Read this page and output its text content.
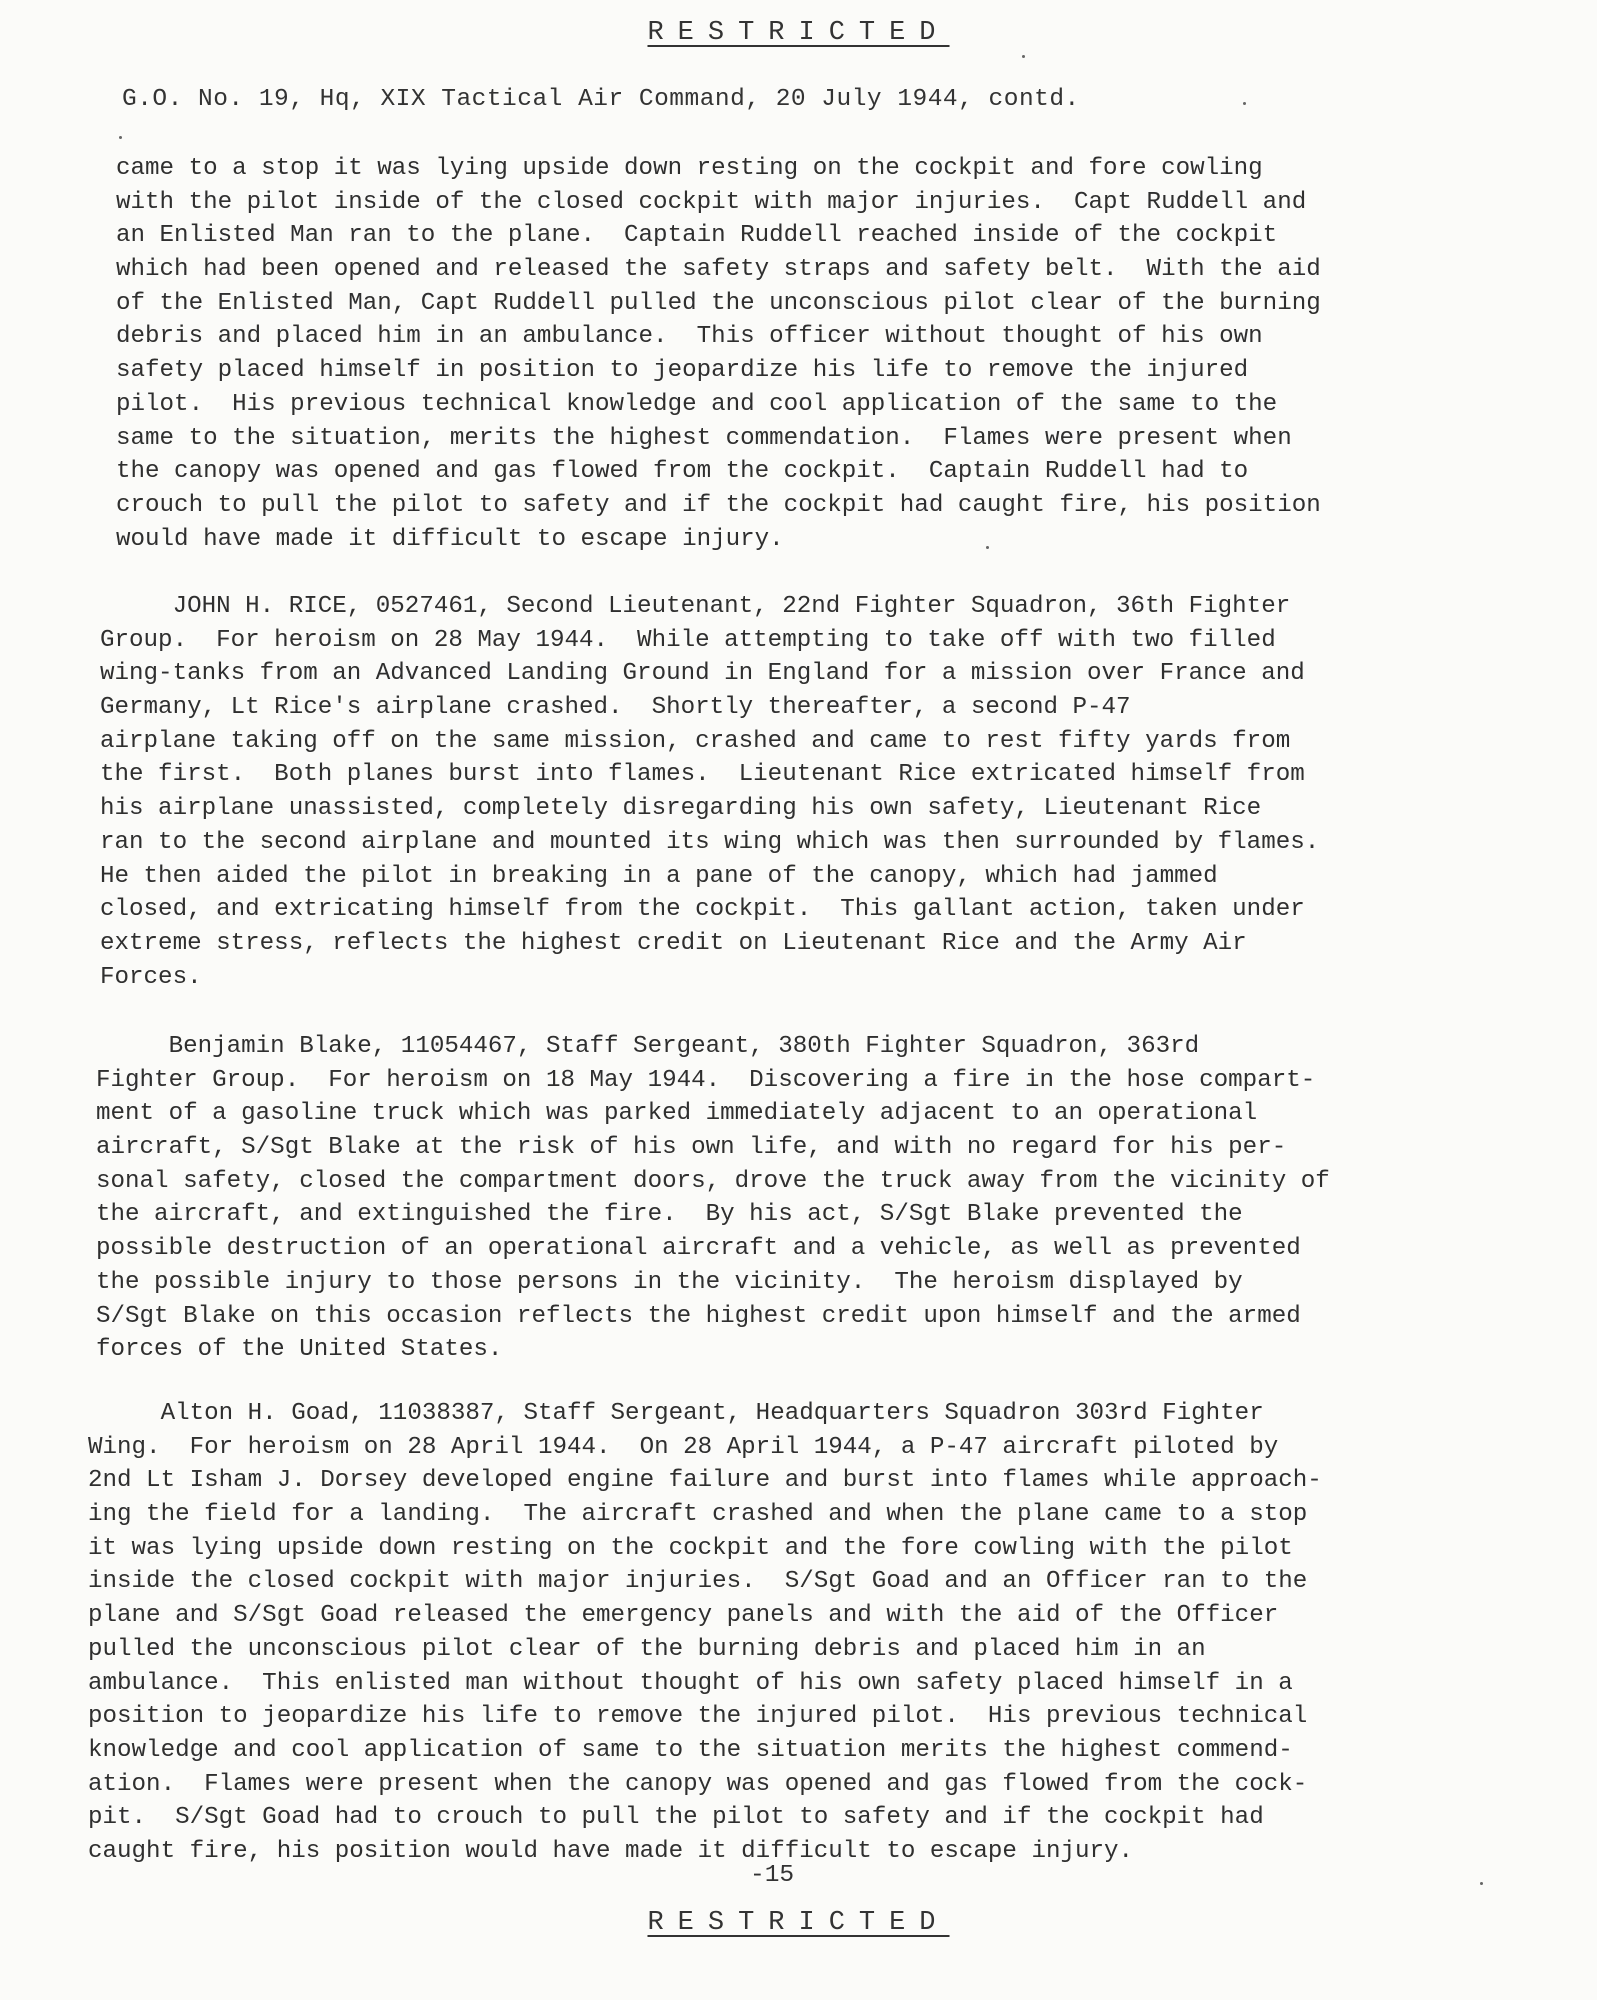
RESTRICTED
G.O. No. 19, Hq, XIX Tactical Air Command, 20 July 1944, contd.
came to a stop it was lying upside down resting on the cockpit and fore cowling
with the pilot inside of the closed cockpit with major injuries.  Capt Ruddell and
an Enlisted Man ran to the plane.  Captain Ruddell reached inside of the cockpit
which had been opened and released the safety straps and safety belt.  With the aid
of the Enlisted Man, Capt Ruddell pulled the unconscious pilot clear of the burning
debris and placed him in an ambulance.  This officer without thought of his own
safety placed himself in position to jeopardize his life to remove the injured
pilot.  His previous technical knowledge and cool application of the same to the
same to the situation, merits the highest commendation.  Flames were present when
the canopy was opened and gas flowed from the cockpit.  Captain Ruddell had to
crouch to pull the pilot to safety and if the cockpit had caught fire, his position
would have made it difficult to escape injury.
JOHN H. RICE, 0527461, Second Lieutenant, 22nd Fighter Squadron, 36th Fighter
Group.  For heroism on 28 May 1944.  While attempting to take off with two filled
wing-tanks from an Advanced Landing Ground in England for a mission over France and
Germany, Lt Rice's airplane crashed.  Shortly thereafter, a second P-47
airplane taking off on the same mission, crashed and came to rest fifty yards from
the first.  Both planes burst into flames.  Lieutenant Rice extricated himself from
his airplane unassisted, completely disregarding his own safety, Lieutenant Rice
ran to the second airplane and mounted its wing which was then surrounded by flames.
He then aided the pilot in breaking in a pane of the canopy, which had jammed
closed, and extricating himself from the cockpit.  This gallant action, taken under
extreme stress, reflects the highest credit on Lieutenant Rice and the Army Air
Forces.
Benjamin Blake, 11054467, Staff Sergeant, 380th Fighter Squadron, 363rd
Fighter Group.  For heroism on 18 May 1944.  Discovering a fire in the hose compart-
ment of a gasoline truck which was parked immediately adjacent to an operational
aircraft, S/Sgt Blake at the risk of his own life, and with no regard for his per-
sonal safety, closed the compartment doors, drove the truck away from the vicinity of
the aircraft, and extinguished the fire.  By his act, S/Sgt Blake prevented the
possible destruction of an operational aircraft and a vehicle, as well as prevented
the possible injury to those persons in the vicinity.  The heroism displayed by
S/Sgt Blake on this occasion reflects the highest credit upon himself and the armed
forces of the United States.
Alton H. Goad, 11038387, Staff Sergeant, Headquarters Squadron 303rd Fighter
Wing.  For heroism on 28 April 1944.  On 28 April 1944, a P-47 aircraft piloted by
2nd Lt Isham J. Dorsey developed engine failure and burst into flames while approach-
ing the field for a landing.  The aircraft crashed and when the plane came to a stop
it was lying upside down resting on the cockpit and the fore cowling with the pilot
inside the closed cockpit with major injuries.  S/Sgt Goad and an Officer ran to the
plane and S/Sgt Goad released the emergency panels and with the aid of the Officer
pulled the unconscious pilot clear of the burning debris and placed him in an
ambulance.  This enlisted man without thought of his own safety placed himself in a
position to jeopardize his life to remove the injured pilot.  His previous technical
knowledge and cool application of same to the situation merits the highest commend-
ation.  Flames were present when the canopy was opened and gas flowed from the cock-
pit.  S/Sgt Goad had to crouch to pull the pilot to safety and if the cockpit had
caught fire, his position would have made it difficult to escape injury.
-15
RESTRICTED
